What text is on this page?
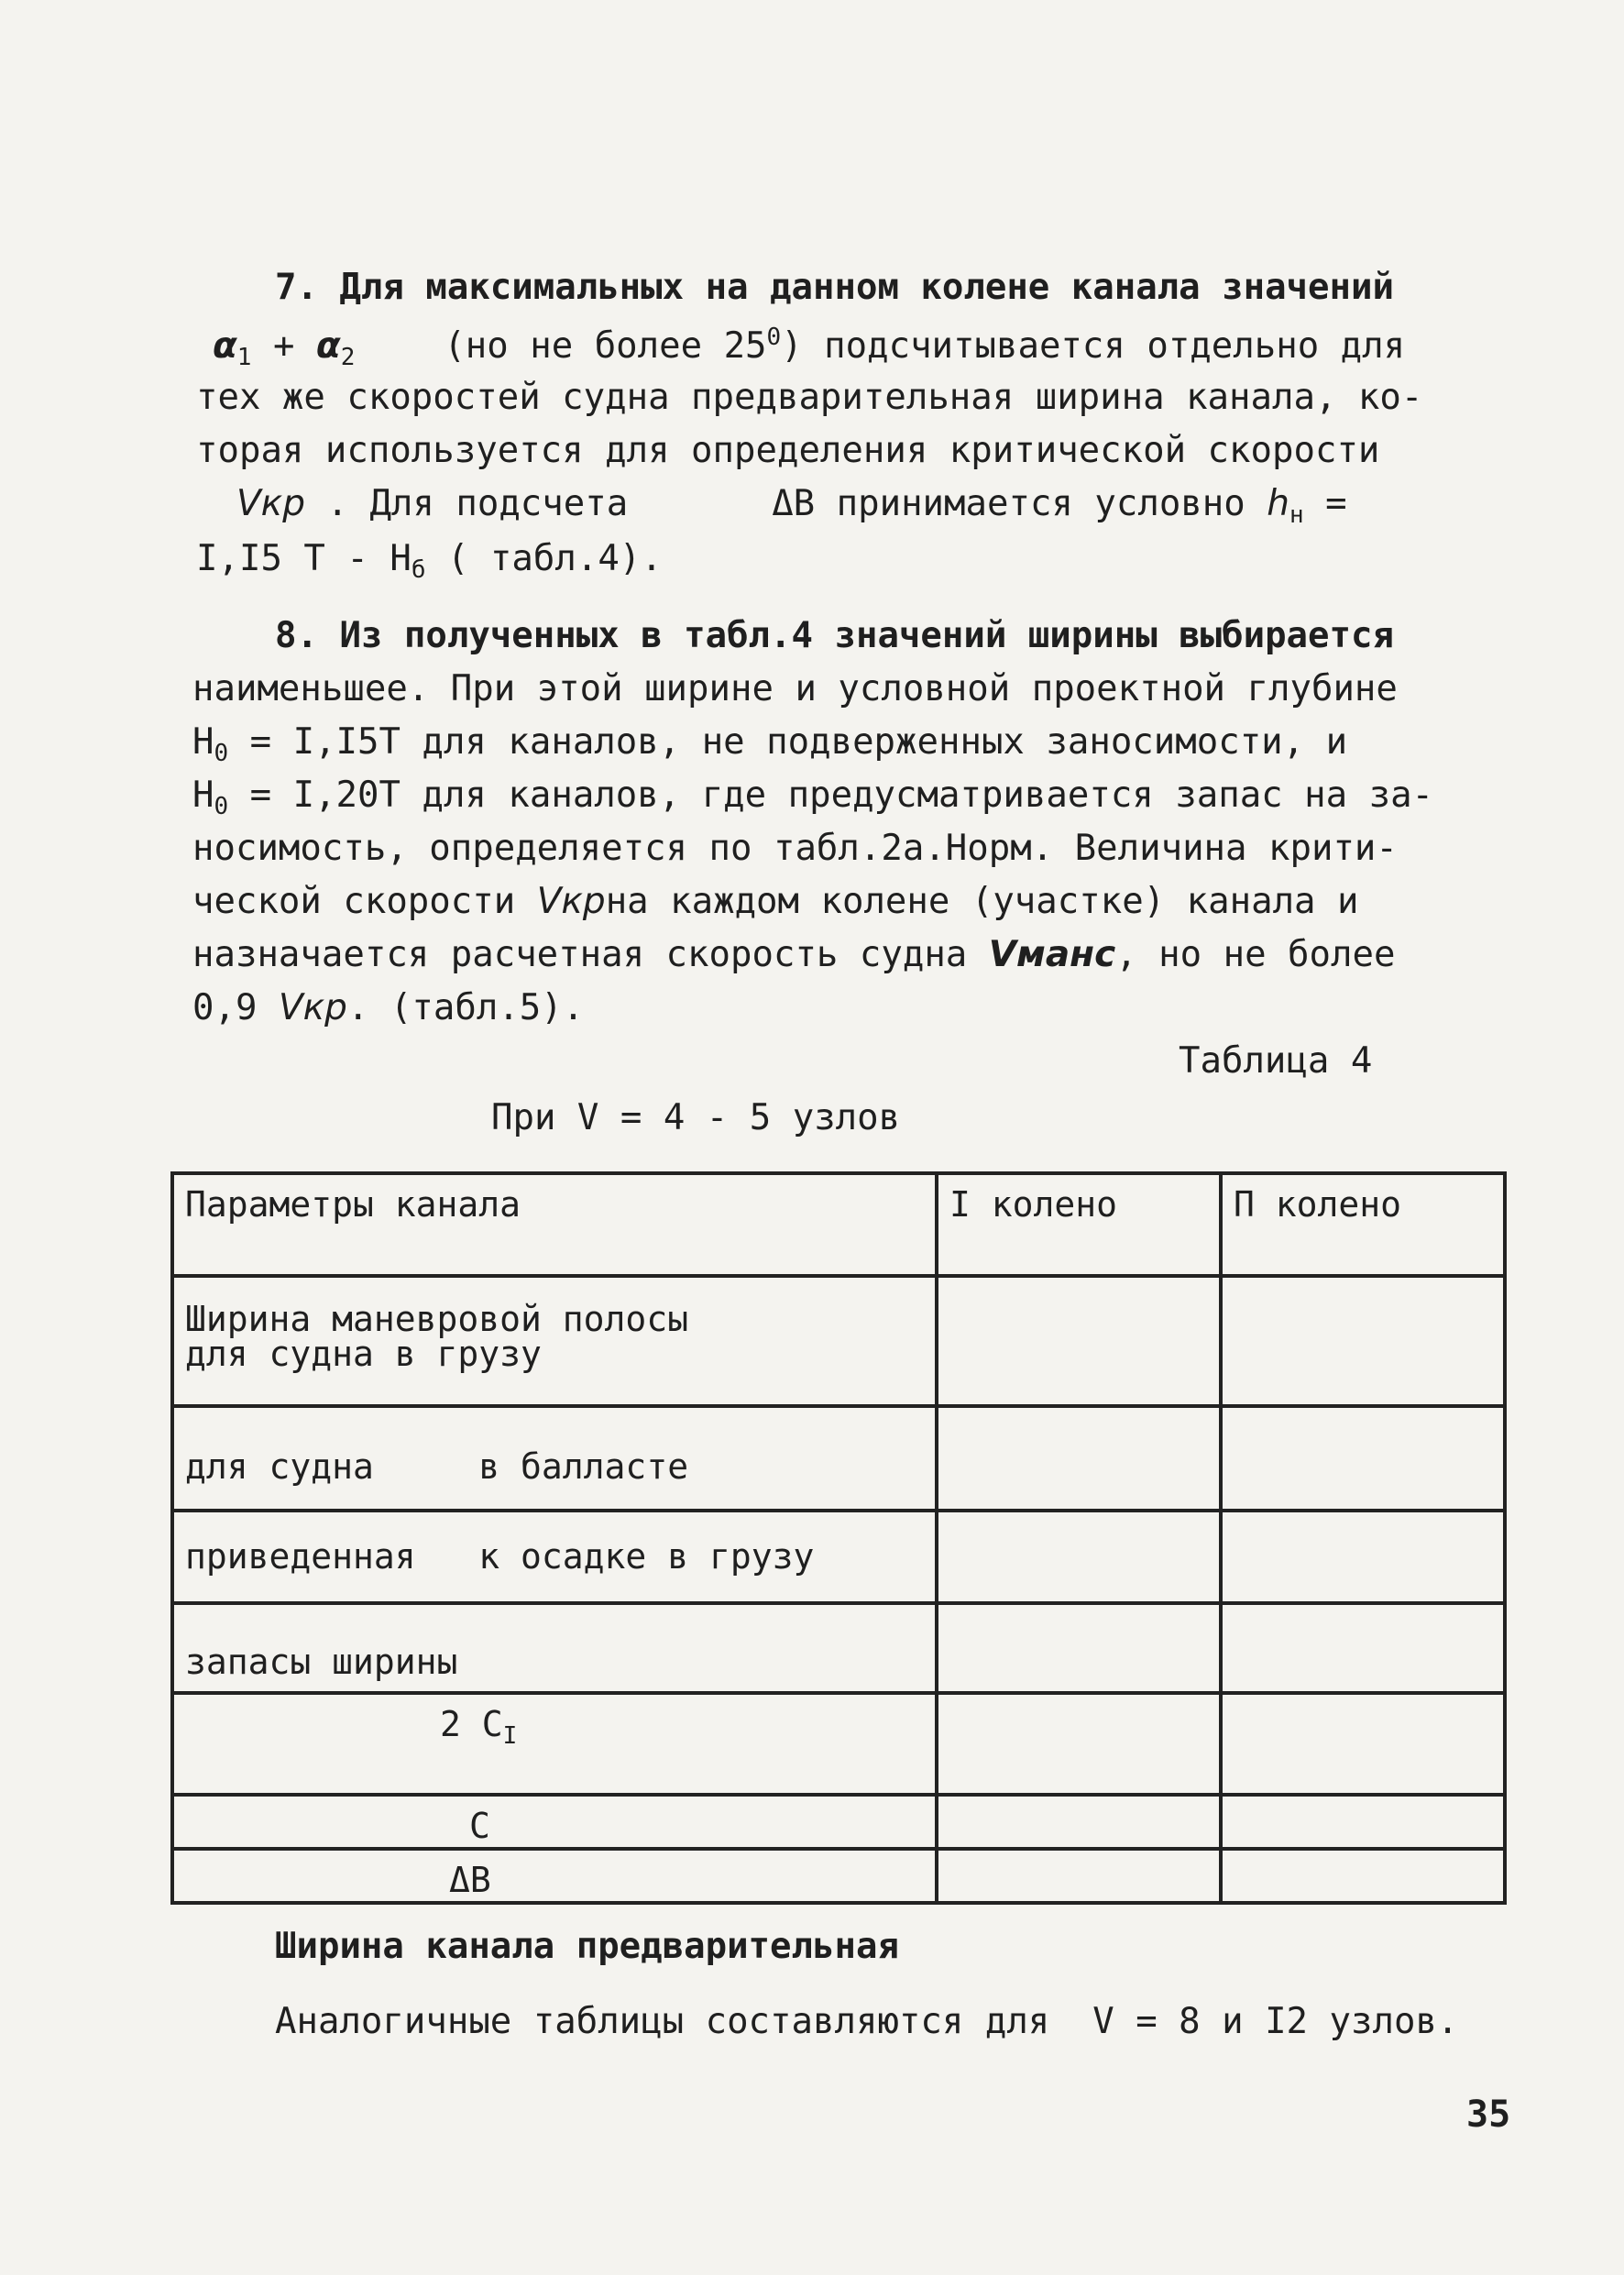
7. Для максимальных на данном колене канала значений
$\alpha_1 + \alpha_2$ (но не более $25^0$) подсчитывается отдельно для
тех же скоростей судна предварительная ширина канала, ко-
торая используется для определения критической скорости
Vкр . Для подсчета	ΔB принимается условно $h_н$ =
I,I5 T - $H_б$ ( табл.4).
8. Из полученных в табл.4 значений ширины выбирается
наименьшее. При этой ширине и условной проектной глубине
$H_0 = I,I5T$ для каналов, не подверженных заносимости, и
$H_0 = I,20T$ для каналов, где предусматривается запас на за-
носимость, определяется по табл.2а.Норм. Величина крити-
ческой скорости Vкрна каждом колене (участке) канала и
назначается расчетная скорость судна Vманс, но не более
0,9 Vкр. (табл.5).
Таблица 4
При V = 4 - 5 узлов
Параметры канала	I колено	П колено
Ширина маневровой полосы
для судна в грузу		
для судна     в балласте		
приведенная   к осадке в грузу		
запасы ширины		
2 $C_I$		
C		
ΔB		
Ширина канала предварительная
Аналогичные таблицы составляются для  V = 8 и I2 узлов.
35
